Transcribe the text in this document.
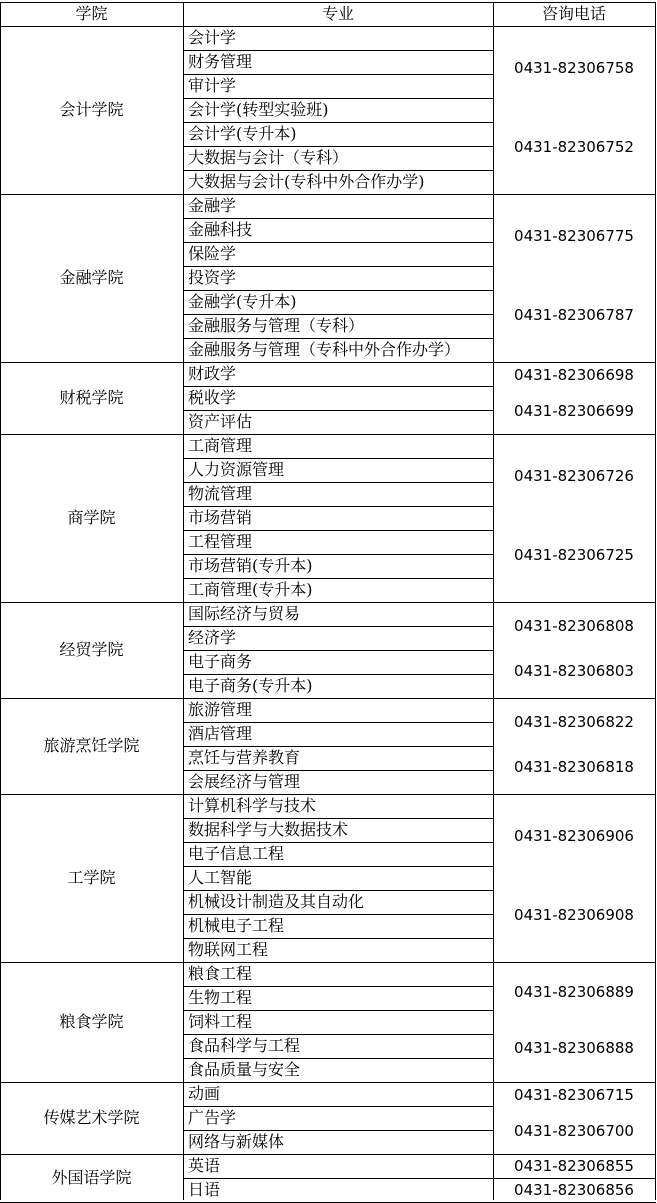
学院	专业	咨询电话
会计学院
会计学
财务管理
审计学
会计学(转型实验班)
会计学(专升本)
大数据与会计（专科）
大数据与会计(专科中外合作办学)
0431-82306758
0431-82306752
金融学院
金融学
金融科技
保险学
投资学
金融学(专升本)
金融服务与管理（专科）
金融服务与管理（专科中外合作办学）
0431-82306775
0431-82306787
财税学院
财政学
税收学
资产评估
0431-82306698
0431-82306699
商学院
工商管理
人力资源管理
物流管理
市场营销
工程管理
市场营销(专升本)
工商管理(专升本)
0431-82306726
0431-82306725
经贸学院
国际经济与贸易
经济学
电子商务
电子商务(专升本)
0431-82306808
0431-82306803
旅游烹饪学院
旅游管理
酒店管理
烹饪与营养教育
会展经济与管理
0431-82306822
0431-82306818
工学院
计算机科学与技术
数据科学与大数据技术
电子信息工程
人工智能
机械设计制造及其自动化
机械电子工程
物联网工程
0431-82306906
0431-82306908
粮食学院
粮食工程
生物工程
饲料工程
食品科学与工程
食品质量与安全
0431-82306889
0431-82306888
传媒艺术学院
动画
广告学
网络与新媒体
0431-82306715
0431-82306700
外国语学院
英语
日语
0431-82306855
0431-82306856
